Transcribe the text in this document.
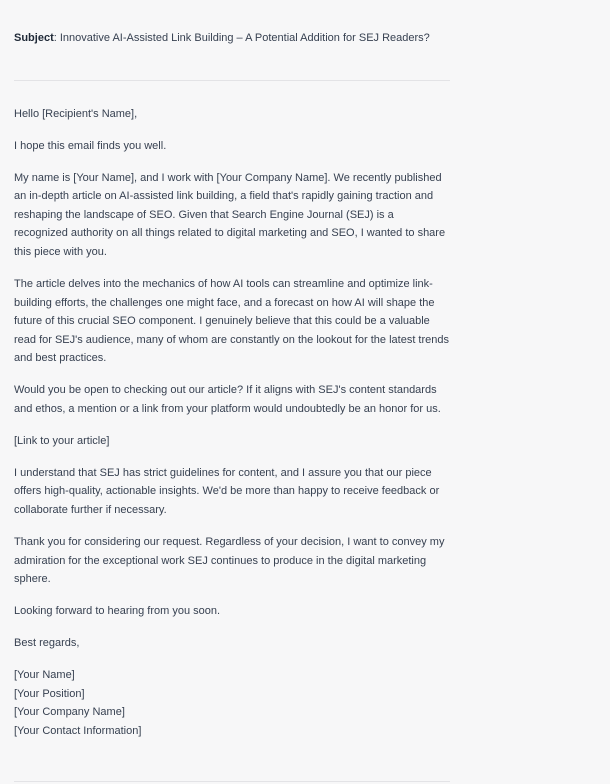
Subject: Innovative AI-Assisted Link Building – A Potential Addition for SEJ Readers?

Hello [Recipient's Name],

I hope this email finds you well.

My name is [Your Name], and I work with [Your Company Name]. We recently published an in-depth article on AI-assisted link building, a field that's rapidly gaining traction and reshaping the landscape of SEO. Given that Search Engine Journal (SEJ) is a recognized authority on all things related to digital marketing and SEO, I wanted to share this piece with you.

The article delves into the mechanics of how AI tools can streamline and optimize link-building efforts, the challenges one might face, and a forecast on how AI will shape the future of this crucial SEO component. I genuinely believe that this could be a valuable read for SEJ's audience, many of whom are constantly on the lookout for the latest trends and best practices.

Would you be open to checking out our article? If it aligns with SEJ's content standards and ethos, a mention or a link from your platform would undoubtedly be an honor for us.

[Link to your article]

I understand that SEJ has strict guidelines for content, and I assure you that our piece offers high-quality, actionable insights. We'd be more than happy to receive feedback or collaborate further if necessary.

Thank you for considering our request. Regardless of your decision, I want to convey my admiration for the exceptional work SEJ continues to produce in the digital marketing sphere.

Looking forward to hearing from you soon.

Best regards,

[Your Name]
[Your Position]
[Your Company Name]
[Your Contact Information]
